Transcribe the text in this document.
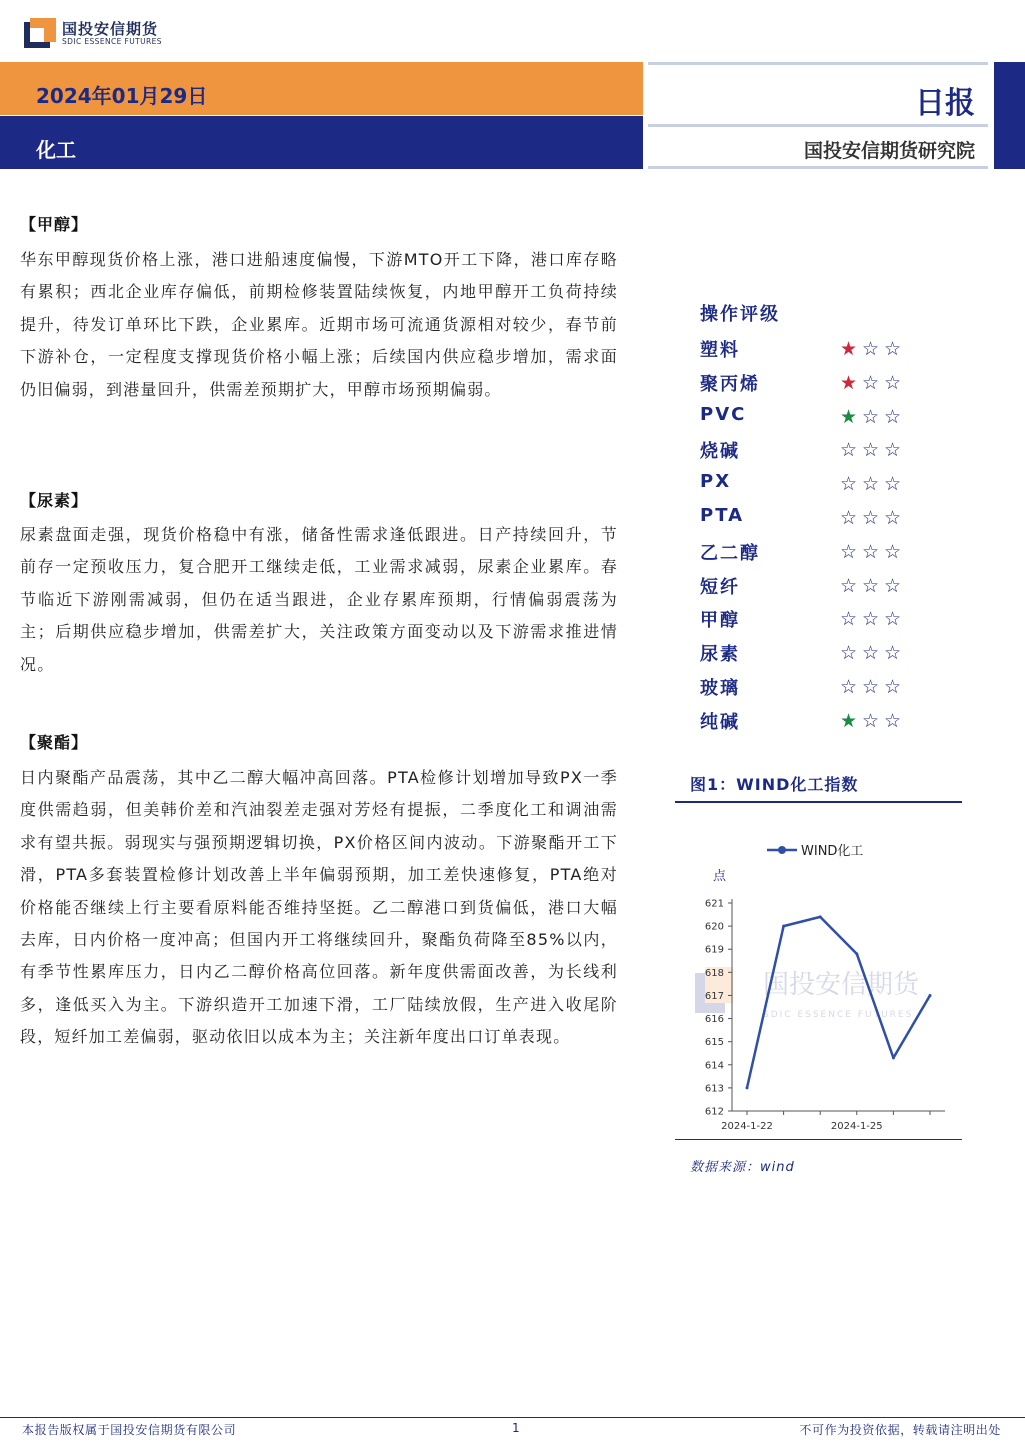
国投安信期货
SDIC ESSENCE FUTURES
2024年01月29日
化工
日报
国投安信期货研究院
【甲醇】
华东甲醇现货价格上涨，港口进船速度偏慢，下游MTO开工下降，港口库存略有累积；西北企业库存偏低，前期检修装置陆续恢复，内地甲醇开工负荷持续提升，待发订单环比下跌，企业累库。近期市场可流通货源相对较少，春节前下游补仓，一定程度支撑现货价格小幅上涨；后续国内供应稳步增加，需求面仍旧偏弱，到港量回升，供需差预期扩大，甲醇市场预期偏弱。
【尿素】
尿素盘面走强，现货价格稳中有涨，储备性需求逢低跟进。日产持续回升，节前存一定预收压力，复合肥开工继续走低，工业需求减弱，尿素企业累库。春节临近下游刚需减弱，但仍在适当跟进，企业存累库预期，行情偏弱震荡为主；后期供应稳步增加，供需差扩大，关注政策方面变动以及下游需求推进情况。
【聚酯】
日内聚酯产品震荡，其中乙二醇大幅冲高回落。PTA检修计划增加导致PX一季度供需趋弱，但美韩价差和汽油裂差走强对芳烃有提振，二季度化工和调油需求有望共振。弱现实与强预期逻辑切换，PX价格区间内波动。下游聚酯开工下滑，PTA多套装置检修计划改善上半年偏弱预期，加工差快速修复，PTA绝对价格能否继续上行主要看原料能否维持坚挺。乙二醇港口到货偏低，港口大幅去库，日内价格一度冲高；但国内开工将继续回升，聚酯负荷降至85%以内，有季节性累库压力，日内乙二醇价格高位回落。新年度供需面改善，为长线利多，逢低买入为主。下游织造开工加速下滑，工厂陆续放假，生产进入收尾阶段，短纤加工差偏弱，驱动依旧以成本为主；关注新年度出口订单表现。
操作评级
塑料	★ ☆ ☆
聚丙烯	★ ☆ ☆
PVC	★ ☆ ☆
烧碱	☆ ☆ ☆
PX	☆ ☆ ☆
PTA	☆ ☆ ☆
乙二醇	☆ ☆ ☆
短纤	☆ ☆ ☆
甲醇	☆ ☆ ☆
尿素	☆ ☆ ☆
玻璃	☆ ☆ ☆
纯碱	★ ☆ ☆
图1：WIND化工指数
国投安信期货
SDIC ESSENCE FUTURES
WIND化工
点
612
613
614
615
616
617
618
619
620
621
2024-1-22	2024-1-25
数据来源：wind
本报告版权属于国投安信期货有限公司	1	不可作为投资依据，转载请注明出处
